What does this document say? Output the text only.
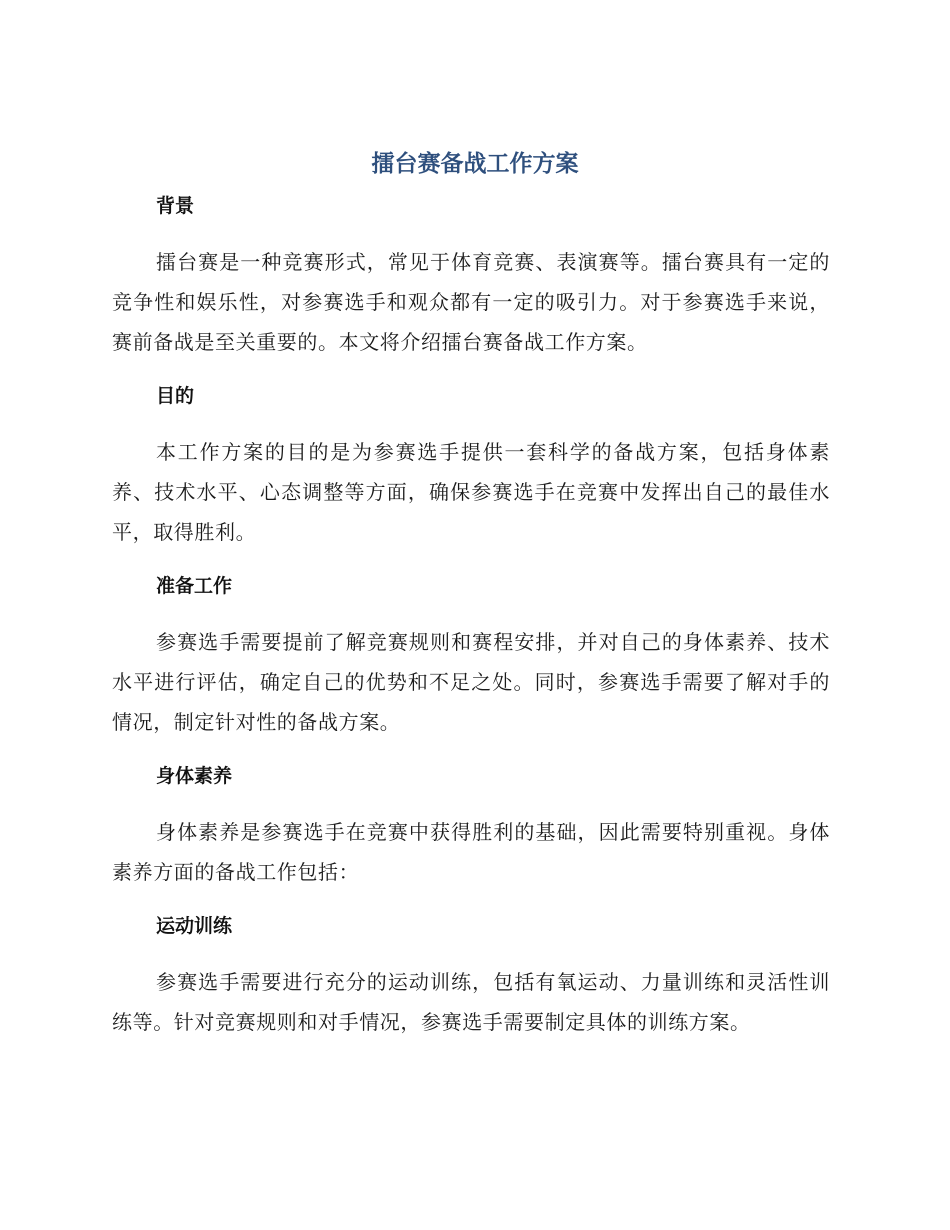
擂台赛备战工作方案
背景

擂台赛是一种竞赛形式，常见于体育竞赛、表演赛等。擂台赛具有一定的竞争性和娱乐性，对参赛选手和观众都有一定的吸引力。对于参赛选手来说，赛前备战是至关重要的。本文将介绍擂台赛备战工作方案。

目的

本工作方案的目的是为参赛选手提供一套科学的备战方案，包括身体素养、技术水平、心态调整等方面，确保参赛选手在竞赛中发挥出自己的最佳水平，取得胜利。

准备工作

参赛选手需要提前了解竞赛规则和赛程安排，并对自己的身体素养、技术水平进行评估，确定自己的优势和不足之处。同时，参赛选手需要了解对手的情况，制定针对性的备战方案。

身体素养

身体素养是参赛选手在竞赛中获得胜利的基础，因此需要特别重视。身体素养方面的备战工作包括：

运动训练

参赛选手需要进行充分的运动训练，包括有氧运动、力量训练和灵活性训练等。针对竞赛规则和对手情况，参赛选手需要制定具体的训练方案。
